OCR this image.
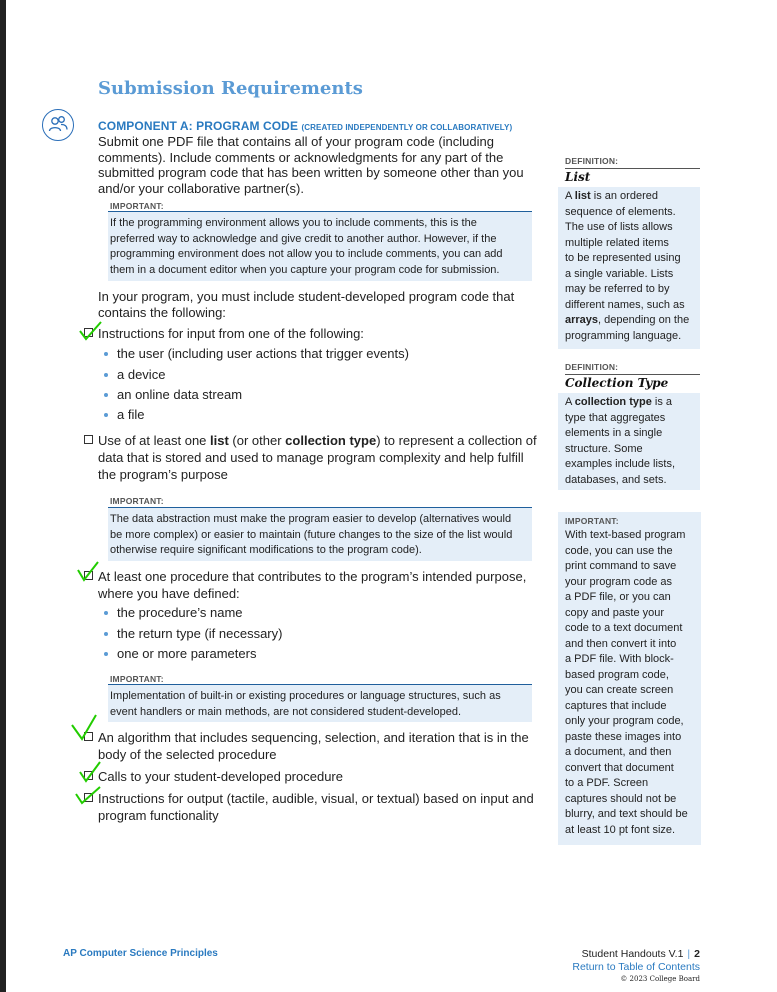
Submission Requirements
COMPONENT A: PROGRAM CODE (CREATED INDEPENDENTLY OR COLLABORATIVELY)
Submit one PDF file that contains all of your program code (including
comments). Include comments or acknowledgments for any part of the
submitted program code that has been written by someone other than you
and/or your collaborative partner(s).
IMPORTANT:
If the programming environment allows you to include comments, this is the
preferred way to acknowledge and give credit to another author. However, if the
programming environment does not allow you to include comments, you can add
them in a document editor when you capture your program code for submission.
In your program, you must include student-developed program code that
contains the following:
Instructions for input from one of the following:
the user (including user actions that trigger events)
a device
an online data stream
a file
Use of at least one list (or other collection type) to represent a collection of
data that is stored and used to manage program complexity and help fulfill
the program’s purpose
IMPORTANT:
The data abstraction must make the program easier to develop (alternatives would
be more complex) or easier to maintain (future changes to the size of the list would
otherwise require significant modifications to the program code).
At least one procedure that contributes to the program’s intended purpose,
where you have defined:
the procedure’s name
the return type (if necessary)
one or more parameters
IMPORTANT:
Implementation of built-in or existing procedures or language structures, such as
event handlers or main methods, are not considered student-developed.
An algorithm that includes sequencing, selection, and iteration that is in the
body of the selected procedure
Calls to your student-developed procedure
Instructions for output (tactile, audible, visual, or textual) based on input and
program functionality
DEFINITION:
List
A list is an ordered
sequence of elements.
The use of lists allows
multiple related items
to be represented using
a single variable. Lists
may be referred to by
different names, such as
arrays, depending on the
programming language.
DEFINITION:
Collection Type
A collection type is a
type that aggregates
elements in a single
structure. Some
examples include lists,
databases, and sets.
IMPORTANT:
With text-based program
code, you can use the
print command to save
your program code as
a PDF file, or you can
copy and paste your
code to a text document
and then convert it into
a PDF file. With block-
based program code,
you can create screen
captures that include
only your program code,
paste these images into
a document, and then
convert that document
to a PDF. Screen
captures should not be
blurry, and text should be
at least 10 pt font size.
AP Computer Science Principles	Student Handouts V.1 | 2
Return to Table of Contents
© 2023 College Board
